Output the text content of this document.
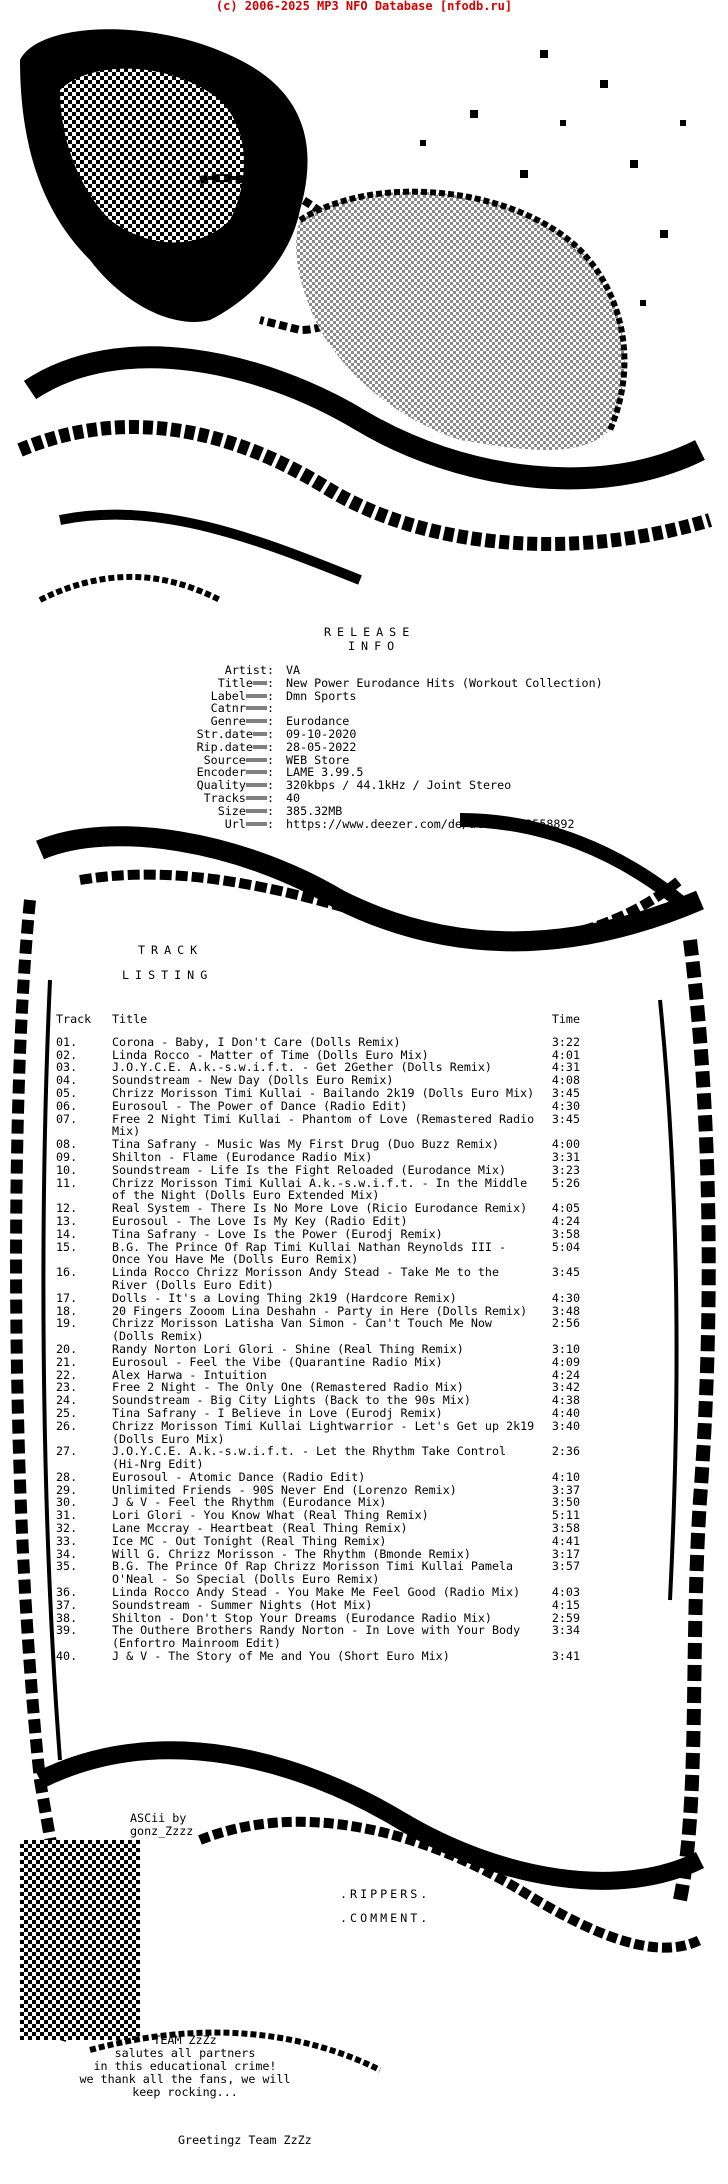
(c) 2006-2025 MP3 NFO Database [nfodb.ru]
RELEASE
INFO
Artist:	VA
Title══:	New Power Eurodance Hits (Workout Collection)
Label═══:	Dmn Sports
Catnr═══:
Genre═══:	Eurodance
Str.date══:	09-10-2020
Rip.date══:	28-05-2022
Source═══:	WEB Store
Encoder═══:	LAME 3.99.5
Quality═══:	320kbps / 44.1kHz / Joint Stereo
Tracks═══:	40
Size═══:	385.32MB
Url═══:	https://www.deezer.com/de/album/173558892
TRACK
LISTING
Track	Title	Time
01.	Corona - Baby, I Don't Care (Dolls Remix)	3:22
02.	Linda Rocco - Matter of Time (Dolls Euro Mix)	4:01
03.	J.O.Y.C.E. A.k.-s.w.i.f.t. - Get 2Gether (Dolls Remix)	4:31
04.	Soundstream - New Day (Dolls Euro Remix)	4:08
05.	Chrizz Morisson Timi Kullai - Bailando 2k19 (Dolls Euro Mix)	3:45
06.	Eurosoul - The Power of Dance (Radio Edit)	4:30
07.	Free 2 Night Timi Kullai - Phantom of Love (Remastered Radio Mix)
3:45
08.	Tina Safrany - Music Was My First Drug (Duo Buzz Remix)	4:00
09.	Shilton - Flame (Eurodance Radio Mix)	3:31
10.	Soundstream - Life Is the Fight Reloaded (Eurodance Mix)	3:23
11.	Chrizz Morisson Timi Kullai A.k.-s.w.i.f.t. - In the Middle of the Night (Dolls Euro Extended Mix)
5:26
12.	Real System - There Is No More Love (Ricio Eurodance Remix)	4:05
13.	Eurosoul - The Love Is My Key (Radio Edit)	4:24
14.	Tina Safrany - Love Is the Power (Eurodj Remix)	3:58
15.	B.G. The Prince Of Rap Timi Kullai Nathan Reynolds III - Once You Have Me (Dolls Euro Remix)
5:04
16.	Linda Rocco Chrizz Morisson Andy Stead - Take Me to the River (Dolls Euro Edit)
3:45
17.	Dolls - It's a Loving Thing 2k19 (Hardcore Remix)	4:30
18.	20 Fingers Zooom Lina Deshahn - Party in Here (Dolls Remix)	3:48
19.	Chrizz Morisson Latisha Van Simon - Can't Touch Me Now (Dolls Remix)
2:56
20.	Randy Norton Lori Glori - Shine (Real Thing Remix)	3:10
21.	Eurosoul - Feel the Vibe (Quarantine Radio Mix)	4:09
22.	Alex Harwa - Intuition	4:24
23.	Free 2 Night - The Only One (Remastered Radio Mix)	3:42
24.	Soundstream - Big City Lights (Back to the 90s Mix)	4:38
25.	Tina Safrany - I Believe in Love (Eurodj Remix)	4:40
26.	Chrizz Morisson Timi Kullai Lightwarrior - Let's Get up 2k19 (Dolls Euro Mix)
3:40
27.	J.O.Y.C.E. A.k.-s.w.i.f.t. - Let the Rhythm Take Control (Hi-Nrg Edit)
2:36
28.	Eurosoul - Atomic Dance (Radio Edit)	4:10
29.	Unlimited Friends - 90S Never End (Lorenzo Remix)	3:37
30.	J & V - Feel the Rhythm (Eurodance Mix)	3:50
31.	Lori Glori - You Know What (Real Thing Remix)	5:11
32.	Lane Mccray - Heartbeat (Real Thing Remix)	3:58
33.	Ice MC - Out Tonight (Real Thing Remix)	4:41
34.	Will G. Chrizz Morisson - The Rhythm (Bmonde Remix)	3:17
35.	B.G. The Prince Of Rap Chrizz Morisson Timi Kullai Pamela O'Neal - So Special (Dolls Euro Remix)
3:57
36.	Linda Rocco Andy Stead - You Make Me Feel Good (Radio Mix)	4:03
37.	Soundstream - Summer Nights (Hot Mix)	4:15
38.	Shilton - Don't Stop Your Dreams (Eurodance Radio Mix)	2:59
39.	The Outhere Brothers Randy Norton - In Love with Your Body (Enfortro Mainroom Edit)
3:34
40.	J & V - The Story of Me and You (Short Euro Mix)	3:41
ASCii by
gonz_Zzzz
.RIPPERS.
.COMMENT.
TEAM ZzZz
salutes all partners
in this educational crime!
we thank all the fans, we will
keep rocking...
Greetingz Team ZzZz
